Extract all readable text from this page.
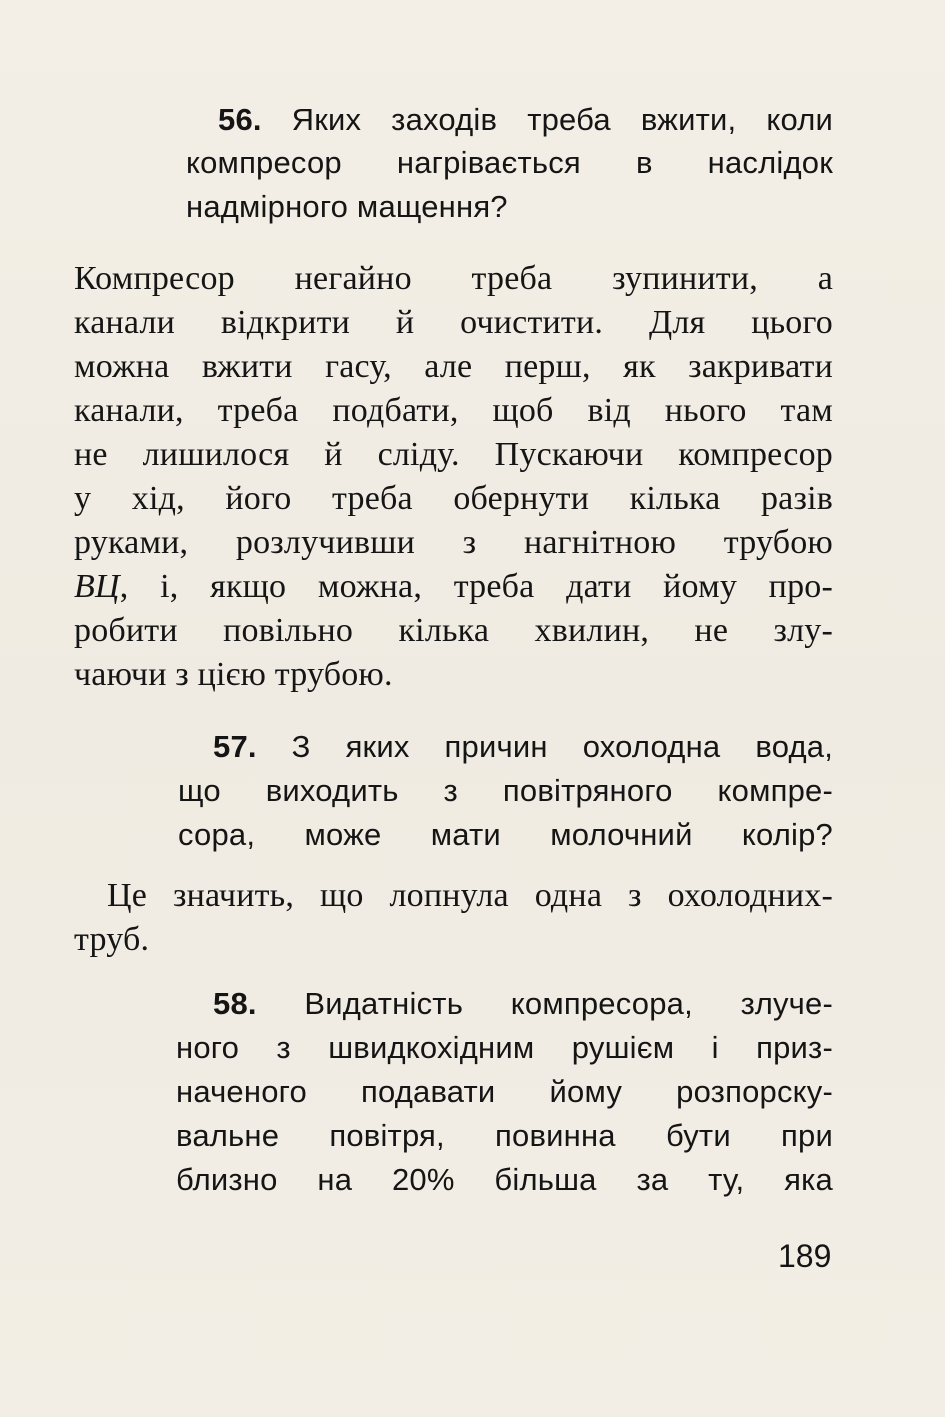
56. Яких заходів треба вжити, коли
компресор нагрівається в наслідок
надмірного мащення?
Компресор негайно треба зупинити, а
канали відкрити й очистити. Для цього
можна вжити гасу, але перш, як закривати
канали, треба подбати, щоб від нього там
не лишилося й сліду. Пускаючи компресор
у хід, його треба обернути кілька разів
руками, розлучивши з нагнітною трубою
ВЦ, і, якщо можна, треба дати йому про-
робити повільно кілька хвилин, не злу-
чаючи з цією трубою.
57. З яких причин охолодна вода,
що виходить з повітряного компре-
сора, може мати молочний колір?
Це значить, що лопнула одна з охолодних-
труб.
58. Видатність компресора, злуче-
ного з швидкохідним рушієм і приз-
наченого подавати йому розпорску-
вальне повітря, повинна бути при
близно на 20% більша за ту, яка
189
